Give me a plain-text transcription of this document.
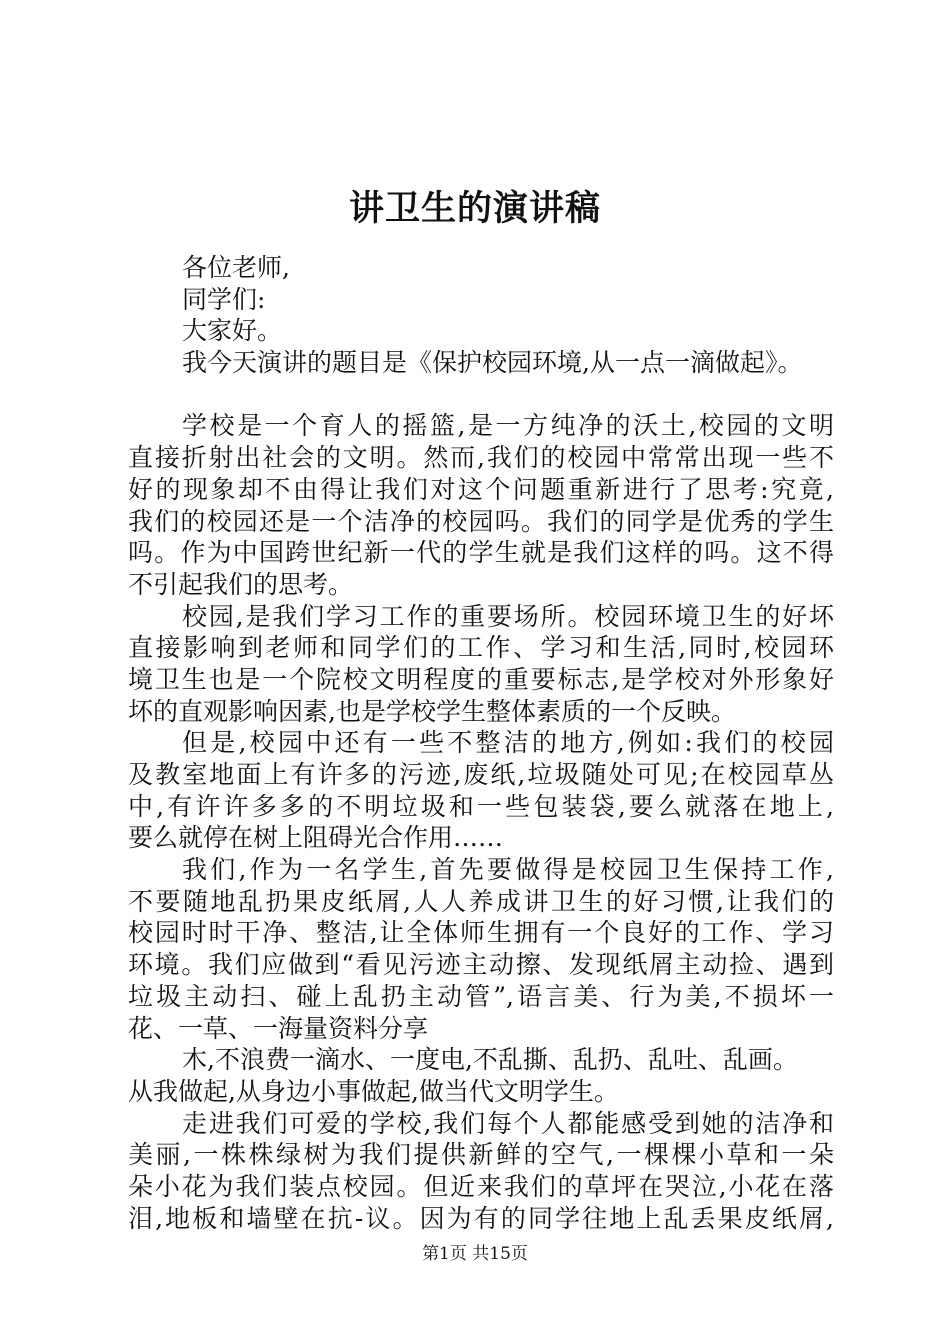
讲卫生的演讲稿
各位老师,
同学们:
大家好。
我今天演讲的题目是《保护校园环境,从一点一滴做起》。
学校是一个育人的摇篮,是一方纯净的沃土,校园的文明
直接折射出社会的文明。然而,我们的校园中常常出现一些不
好的现象却不由得让我们对这个问题重新进行了思考:究竟,
我们的校园还是一个洁净的校园吗。我们的同学是优秀的学生
吗。作为中国跨世纪新一代的学生就是我们这样的吗。这不得
不引起我们的思考。
校园,是我们学习工作的重要场所。校园环境卫生的好坏
直接影响到老师和同学们的工作、学习和生活,同时,校园环
境卫生也是一个院校文明程度的重要标志,是学校对外形象好
坏的直观影响因素,也是学校学生整体素质的一个反映。
但是,校园中还有一些不整洁的地方,例如:我们的校园
及教室地面上有许多的污迹,废纸,垃圾随处可见;在校园草丛
中,有许许多多的不明垃圾和一些包装袋,要么就落在地上,
要么就停在树上阻碍光合作用……
我们,作为一名学生,首先要做得是校园卫生保持工作,
不要随地乱扔果皮纸屑,人人养成讲卫生的好习惯,让我们的
校园时时干净、整洁,让全体师生拥有一个良好的工作、学习
环境。我们应做到“看见污迹主动擦、发现纸屑主动捡、遇到
垃圾主动扫、碰上乱扔主动管”,语言美、行为美,不损坏一
花、一草、一海量资料分享
木,不浪费一滴水、一度电,不乱撕、乱扔、乱吐、乱画。
从我做起,从身边小事做起,做当代文明学生。
走进我们可爱的学校,我们每个人都能感受到她的洁净和
美丽,一株株绿树为我们提供新鲜的空气,一棵棵小草和一朵
朵小花为我们装点校园。但近来我们的草坪在哭泣,小花在落
泪,地板和墙壁在抗-议。因为有的同学往地上乱丢果皮纸屑,
第1页 共15页
